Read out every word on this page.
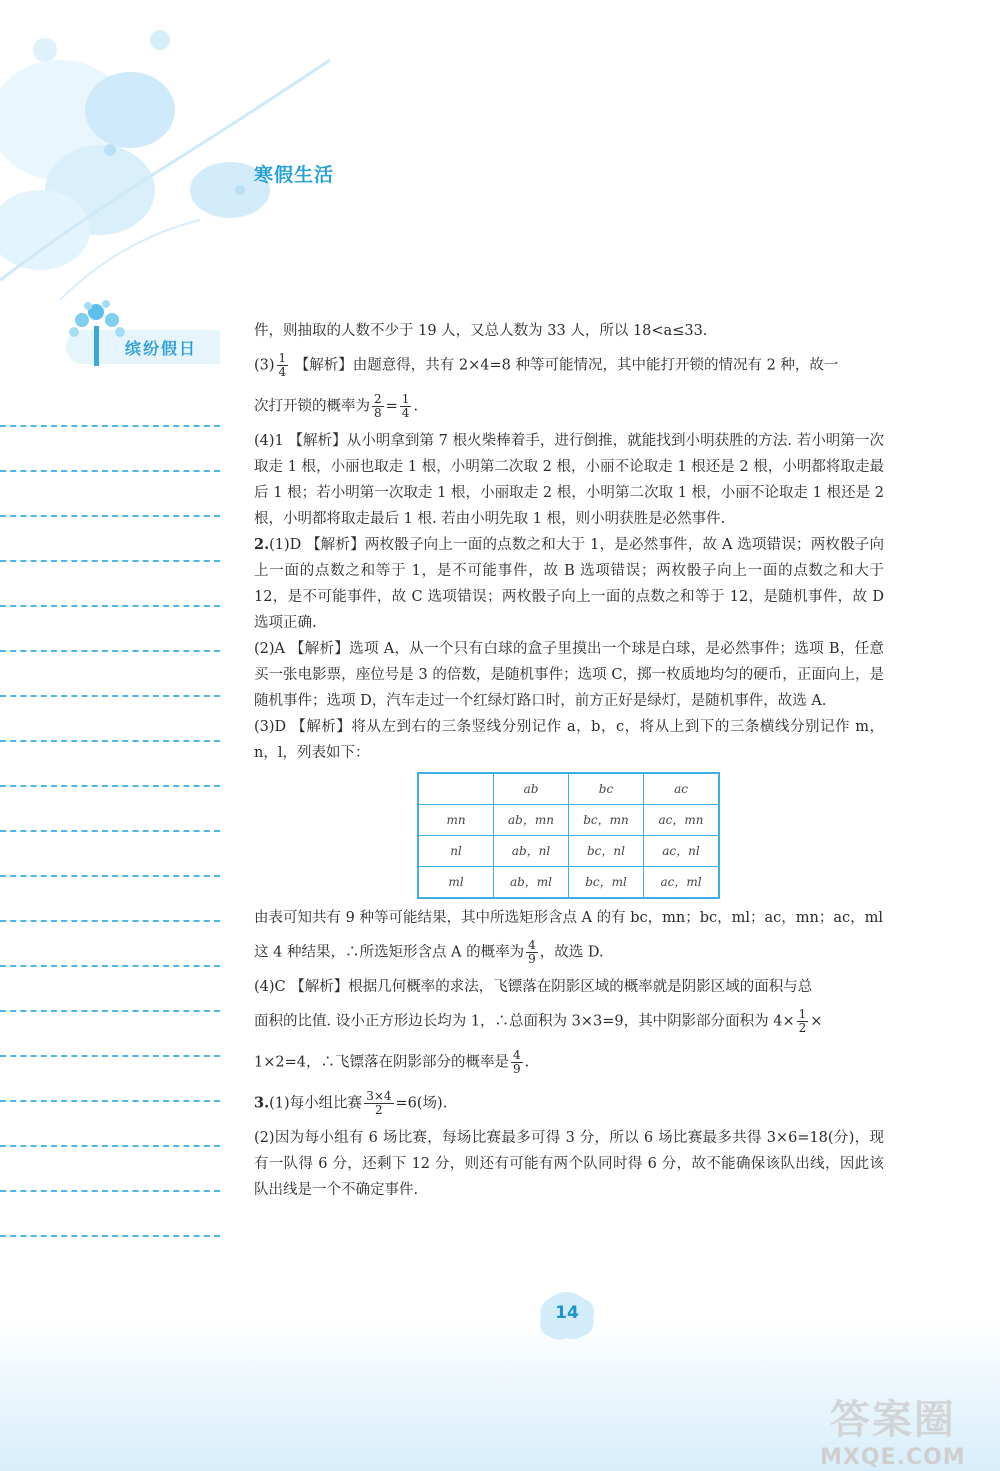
寒假生活
缤纷假日

件，则抽取的人数不少于 19 人，又总人数为 33 人，所以 18<a≤33.

$(3) \frac{1}{4}$ 【解析】由题意得，共有 2×4=8 种等可能情况，其中能打开锁的情况有 2 种，故一

次打开锁的概率为 $\frac{2}{8} = \frac{1}{4}$ .

(4)1 【解析】从小明拿到第 7 根火柴棒着手，进行倒推，就能找到小明获胜的方法. 若小明第一次取走 1 根，小丽也取走 1 根，小明第二次取 2 根，小丽不论取走 1 根还是 2 根，小明都将取走最后 1 根；若小明第一次取走 1 根，小丽取走 2 根，小明第二次取 1 根，小丽不论取走 1 根还是 2 根，小明都将取走最后 1 根. 若由小明先取 1 根，则小明获胜是必然事件.

2.(1)D 【解析】两枚骰子向上一面的点数之和大于 1，是必然事件，故 A 选项错误；两枚骰子向上一面的点数之和等于 1，是不可能事件，故 B 选项错误；两枚骰子向上一面的点数之和大于 12，是不可能事件，故 C 选项错误；两枚骰子向上一面的点数之和等于 12，是随机事件，故 D 选项正确.

(2)A 【解析】选项 A，从一个只有白球的盒子里摸出一个球是白球，是必然事件；选项 B，任意买一张电影票，座位号是 3 的倍数，是随机事件；选项 C，掷一枚质地均匀的硬币，正面向上，是随机事件；选项 D，汽车走过一个红绿灯路口时，前方正好是绿灯，是随机事件，故选 A.

(3)D 【解析】将从左到右的三条竖线分别记作 a，b，c，将从上到下的三条横线分别记作 m，n，l，列表如下：

	ab	bc	ac
mn	ab，mn	bc，mn	ac，mn
nl	ab，nl	bc，nl	ac，nl
ml	ab，ml	bc，ml	ac，ml

由表可知共有 9 种等可能结果，其中所选矩形含点 A 的有 bc，mn；bc，ml；ac，mn；ac，ml

这 4 种结果，∴所选矩形含点 A 的概率为 $\frac{4}{9}$ ，故选 D.

(4)C 【解析】根据几何概率的求法，飞镖落在阴影区域的概率就是阴影区域的面积与总

面积的比值. 设小正方形边长均为 1，∴总面积为 3×3=9，其中阴影部分面积为 $4\times \frac{1}{2}$ ×

1×2=4，∴飞镖落在阴影部分的概率是 $\frac{4}{9}$ .

3.(1)每小组比赛 $\frac{3\times 4}{2} =6$(场).

(2)因为每小组有 6 场比赛，每场比赛最多可得 3 分，所以 6 场比赛最多共得 3×6=18(分)，现有一队得 6 分，还剩下 12 分，则还有可能有两个队同时得 6 分，故不能确保该队出线，因此该队出线是一个不确定事件.

14
答案圈
MXQE.COM
